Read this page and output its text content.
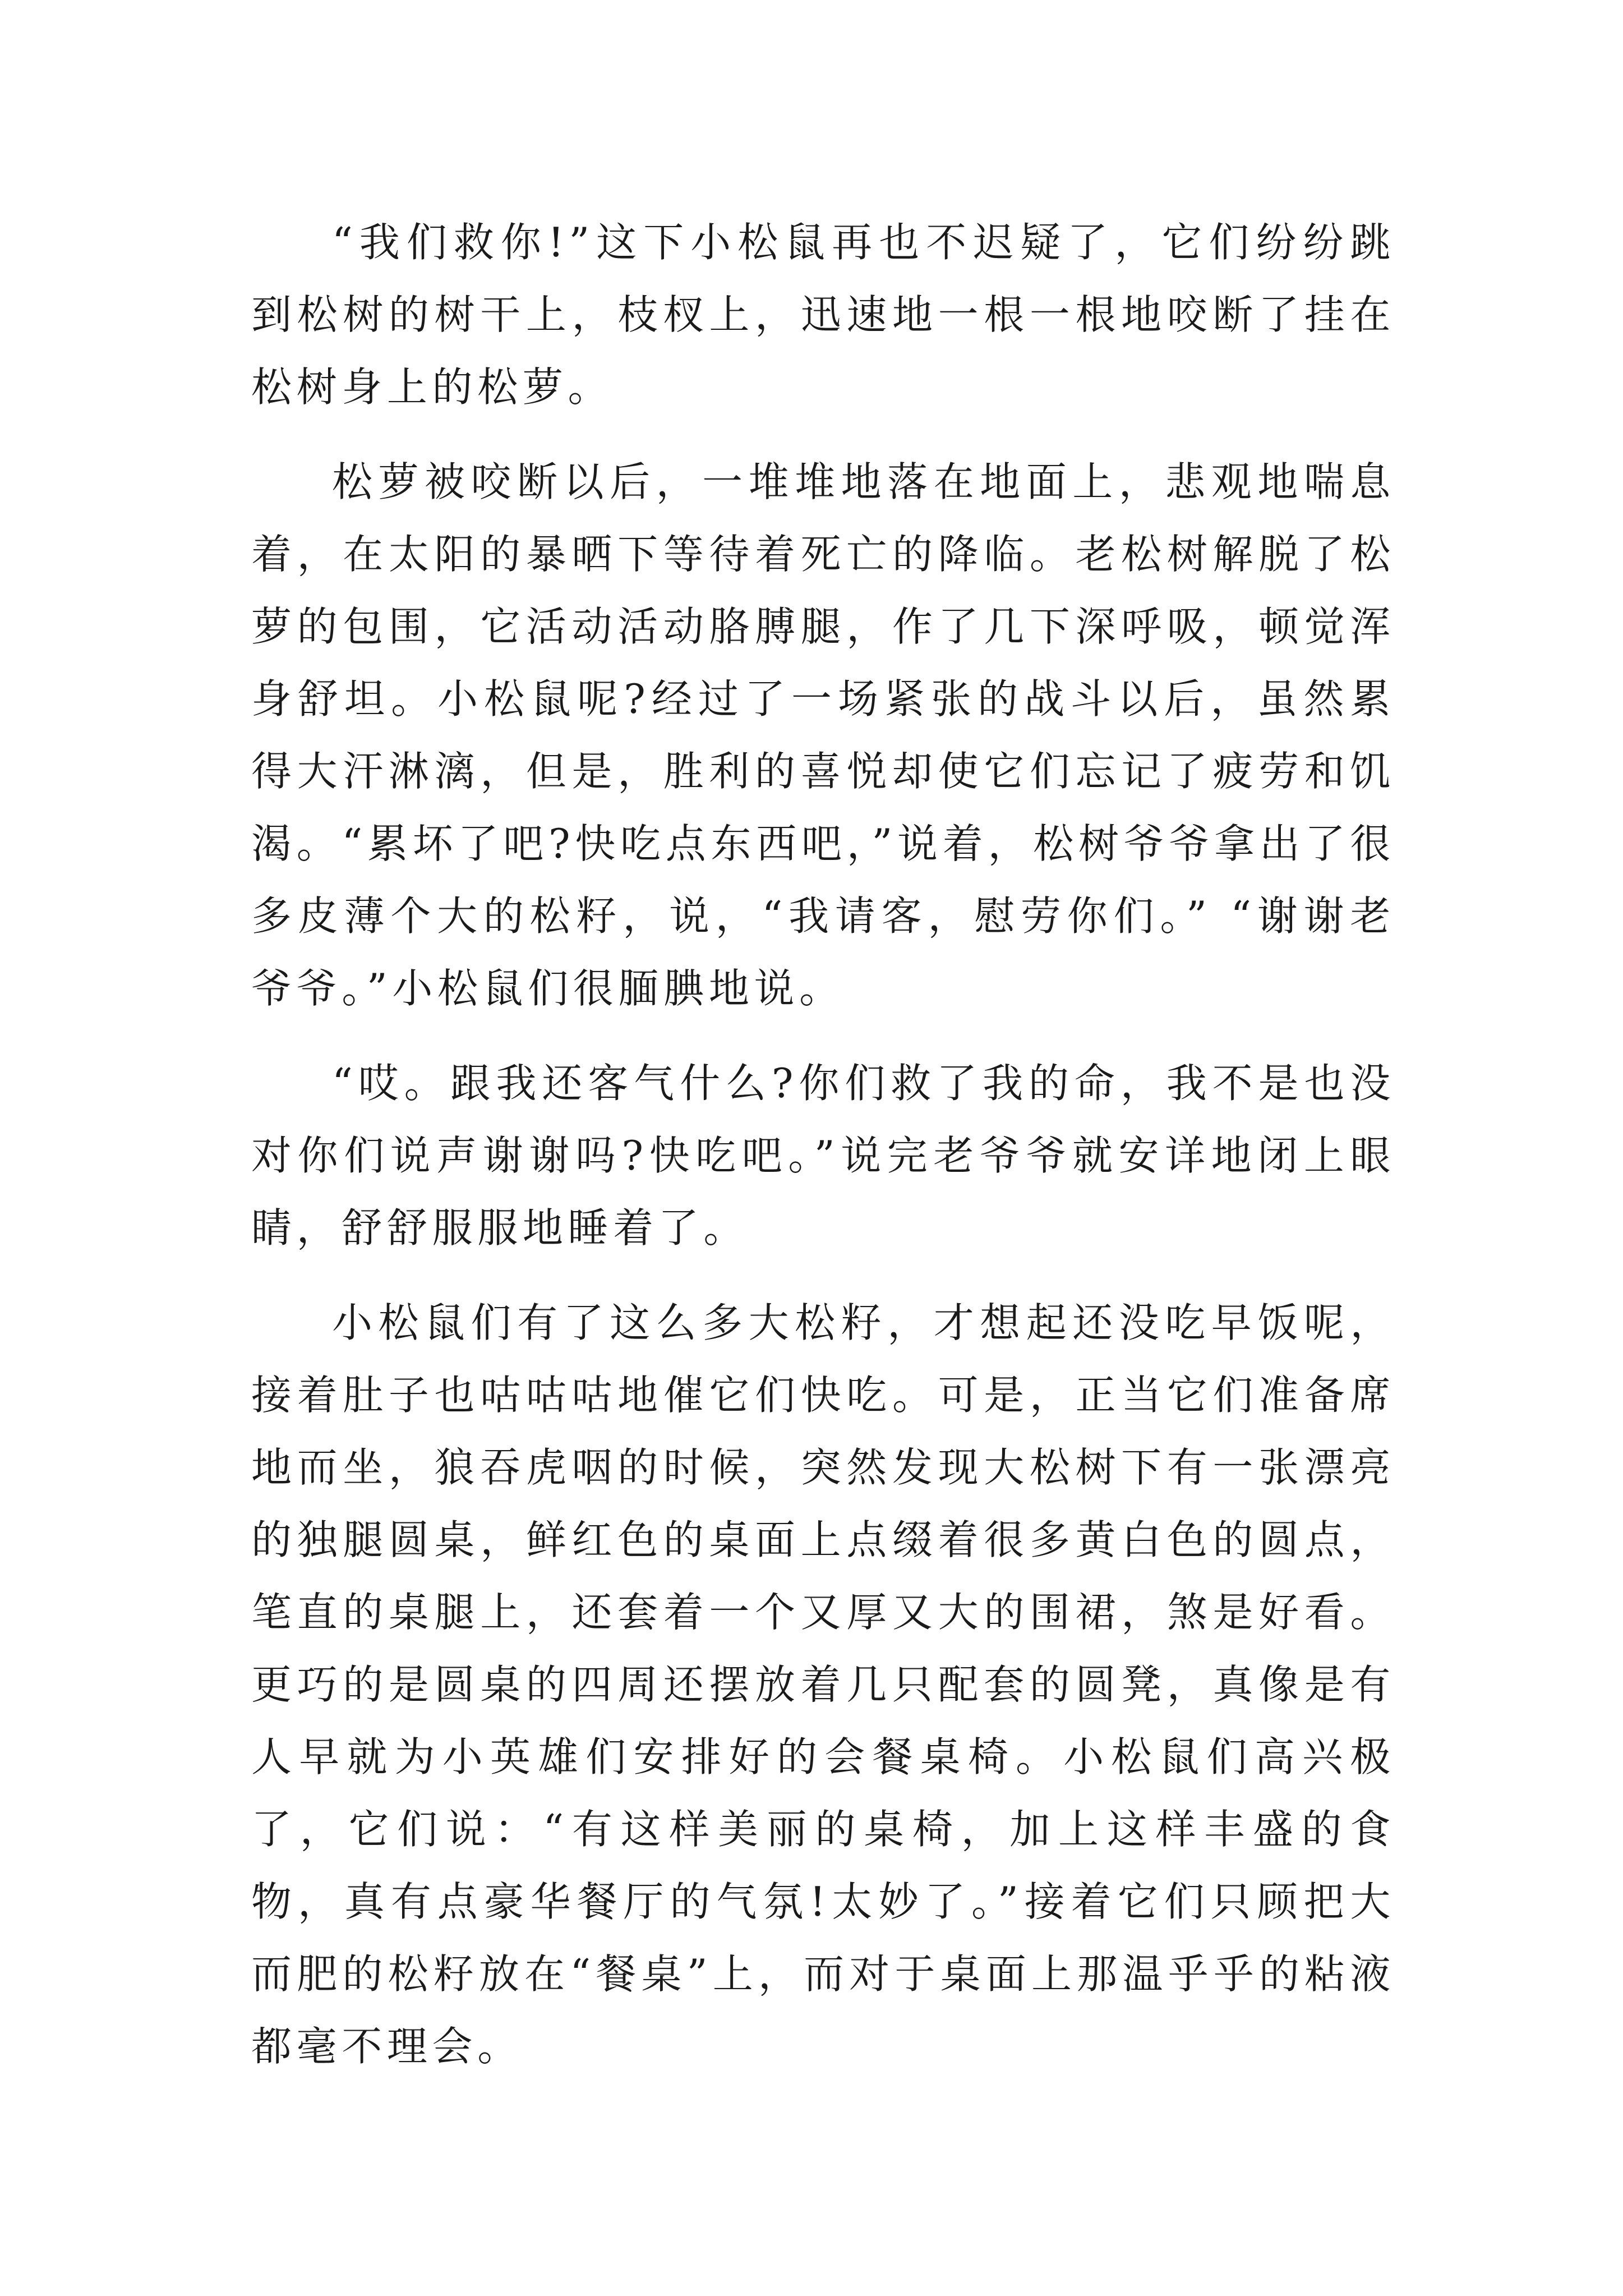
“我们救你!”这下小松鼠再也不迟疑了，它们纷纷跳到松树的树干上，枝杈上，迅速地一根一根地咬断了挂在松树身上的松萝。

松萝被咬断以后，一堆堆地落在地面上，悲观地喘息着，在太阳的暴晒下等待着死亡的降临。老松树解脱了松萝的包围，它活动活动胳膊腿，作了几下深呼吸，顿觉浑身舒坦。小松鼠呢?经过了一场紧张的战斗以后，虽然累得大汗淋漓，但是，胜利的喜悦却使它们忘记了疲劳和饥渴。“累坏了吧?快吃点东西吧，”说着，松树爷爷拿出了很多皮薄个大的松籽，说，“我请客，慰劳你们。” “谢谢老爷爷。”小松鼠们很腼腆地说。

“哎。跟我还客气什么?你们救了我的命，我不是也没对你们说声谢谢吗?快吃吧。”说完老爷爷就安详地闭上眼睛，舒舒服服地睡着了。

小松鼠们有了这么多大松籽，才想起还没吃早饭呢，接着肚子也咕咕咕地催它们快吃。可是，正当它们准备席地而坐，狼吞虎咽的时候，突然发现大松树下有一张漂亮的独腿圆桌，鲜红色的桌面上点缀着很多黄白色的圆点，笔直的桌腿上，还套着一个又厚又大的围裙，煞是好看。更巧的是圆桌的四周还摆放着几只配套的圆凳，真像是有人早就为小英雄们安排好的会餐桌椅。小松鼠们高兴极了，它们说：“有这样美丽的桌椅，加上这样丰盛的食物，真有点豪华餐厅的气氛!太妙了。”接着它们只顾把大而肥的松籽放在“餐桌”上，而对于桌面上那温乎乎的粘液都毫不理会。
